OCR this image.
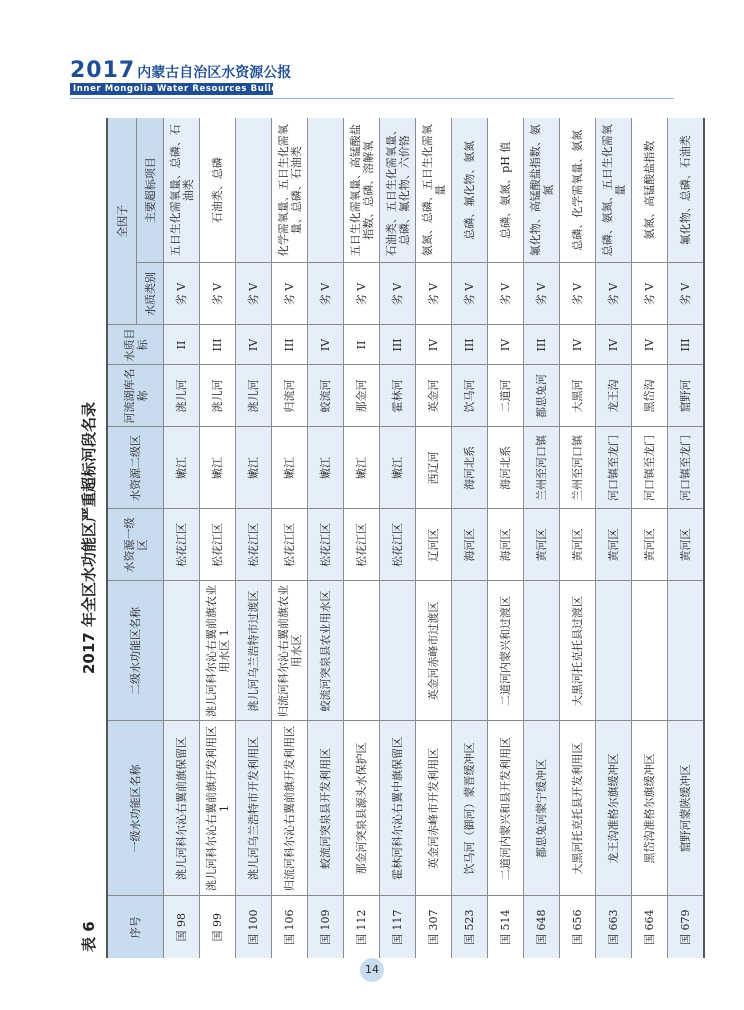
2017 内蒙古自治区水资源公报
Inner Mongolia Water Resources Bulletin
表 6
2017 年全区水功能区严重超标河段名录
序号	一级水功能区名称	二级水功能区名称	水资源一级区	水资源二级区	河流湖库名称	水质目标	全因子	
							水质类别	主要超标项目
国 98	洮儿河科尔沁右翼前旗保留区		松花江区	嫩江	洮儿河	II	劣 V	五日生化需氧量、总磷、石油类
国 99	洮儿河科尔沁右翼前旗开发利用区 1	洮儿河科尔沁右翼前旗农业用水区 1	松花江区	嫩江	洮儿河	III	劣 V	石油类、总磷
国 100	洮儿河乌兰浩特市开发利用区	洮儿河乌兰浩特市过渡区	松花江区	嫩江	洮儿河	IV	劣 V	
国 106	归流河科尔沁右翼前旗开发利用区	归流河科尔沁右翼前旗农业用水区	松花江区	嫩江	归流河	III	劣 V	化学需氧量、五日生化需氧量、总磷、石油类
国 109	蛟流河突泉县开发利用区	蛟流河突泉县农业用水区	松花江区	嫩江	蛟流河	IV	劣 V	
国 112	那金河突泉县源头水保护区		松花江区	嫩江	那金河	II	劣 V	五日生化需氧量、高锰酸盐指数、总磷、溶解氧
国 117	霍林河科尔沁右翼中旗保留区		松花江区	嫩江	霍林河	III	劣 V	石油类、五日生化需氧量、总磷、氟化物、六价铬
国 307	英金河赤峰市开发利用区	英金河赤峰市过渡区	辽河区	西辽河	英金河	IV	劣 V	氨氮、总磷、五日生化需氧量
国 523	饮马河（御河）蒙晋缓冲区		海河区	海河北系	饮马河	III	劣 V	总磷、氟化物、氨氮
国 514	二道河内蒙兴和县开发利用区	二道河内蒙兴和过渡区	海河区	海河北系	二道河	IV	劣 V	总磷、氨氮、pH 值
国 648	都思兔河蒙宁缓冲区		黄河区	兰州至河口镇	都思兔河	III	劣 V	氟化物、高锰酸盐指数、氨氮
国 656	大黑河托克托县开发利用区	大黑河托克托县过渡区	黄河区	兰州至河口镇	大黑河	IV	劣 V	总磷、化学需氧量、氨氮
国 663	龙王沟准格尔旗缓冲区		黄河区	河口镇至龙门	龙王沟	IV	劣 V	总磷、氨氮、五日生化需氧量
国 664	黑岱沟准格尔旗缓冲区		黄河区	河口镇至龙门	黑岱沟	IV	劣 V	氨氮、高锰酸盐指数
国 679	窟野河蒙陕缓冲区		黄河区	河口镇至龙门	窟野河	III	劣 V	氟化物、总磷、石油类
14
